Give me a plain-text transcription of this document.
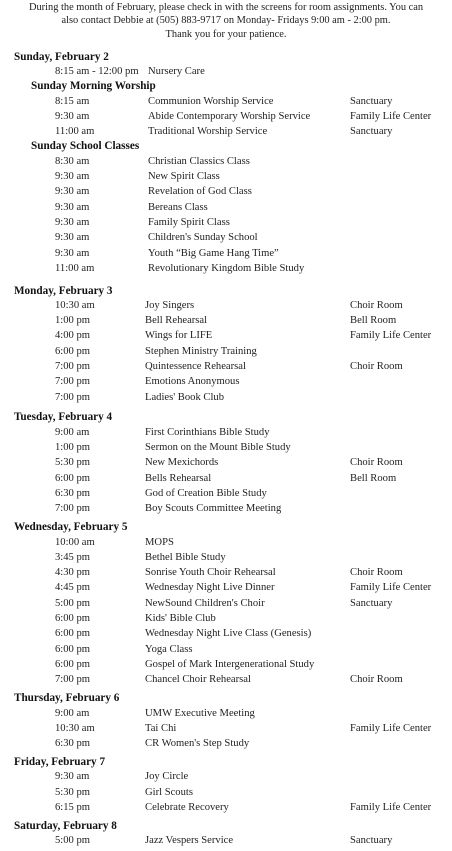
During the month of February, please check in with the screens for room assignments. You can
also contact Debbie at (505) 883-9717 on Monday- Fridays 9:00 am - 2:00 pm.
Thank you for your patience.
Sunday, February 2
8:15 am - 12:00 pm Nursery Care
Sunday Morning Worship
8:15 am	Communion Worship Service	Sanctuary
9:30 am	Abide Contemporary Worship Service	Family Life Center
11:00 am	Traditional Worship Service	Sanctuary
Sunday School Classes
8:30 am	Christian Classics Class
9:30 am	New Spirit Class
9:30 am	Revelation of God Class
9:30 am	Bereans Class
9:30 am	Family Spirit Class
9:30 am	Children's Sunday School
9:30 am	Youth “Big Game Hang Time”
11:00 am	Revolutionary Kingdom Bible Study
Monday, February 3
10:30 am	Joy Singers	Choir Room
1:00 pm	Bell Rehearsal	Bell Room
4:00 pm	Wings for LIFE	Family Life Center
6:00 pm	Stephen Ministry Training
7:00 pm	Quintessence Rehearsal	Choir Room
7:00 pm	Emotions Anonymous
7:00 pm	Ladies' Book Club
Tuesday, February 4
9:00 am	First Corinthians Bible Study
1:00 pm	Sermon on the Mount Bible Study
5:30 pm	New Mexichords	Choir Room
6:00 pm	Bells Rehearsal	Bell Room
6:30 pm	God of Creation Bible Study
7:00 pm	Boy Scouts Committee Meeting
Wednesday, February 5
10:00 am	MOPS
3:45 pm	Bethel Bible Study
4:30 pm	Sonrise Youth Choir Rehearsal	Choir Room
4:45 pm	Wednesday Night Live Dinner	Family Life Center
5:00 pm	NewSound Children's Choir	Sanctuary
6:00 pm	Kids' Bible Club
6:00 pm	Wednesday Night Live Class (Genesis)
6:00 pm	Yoga Class
6:00 pm	Gospel of Mark Intergenerational Study
7:00 pm	Chancel Choir Rehearsal	Choir Room
Thursday, February 6
9:00 am	UMW Executive Meeting
10:30 am	Tai Chi	Family Life Center
6:30 pm	CR Women's Step Study
Friday, February 7
9:30 am	Joy Circle
5:30 pm	Girl Scouts
6:15 pm	Celebrate Recovery	Family Life Center
Saturday, February 8
5:00 pm	Jazz Vespers Service	Sanctuary
